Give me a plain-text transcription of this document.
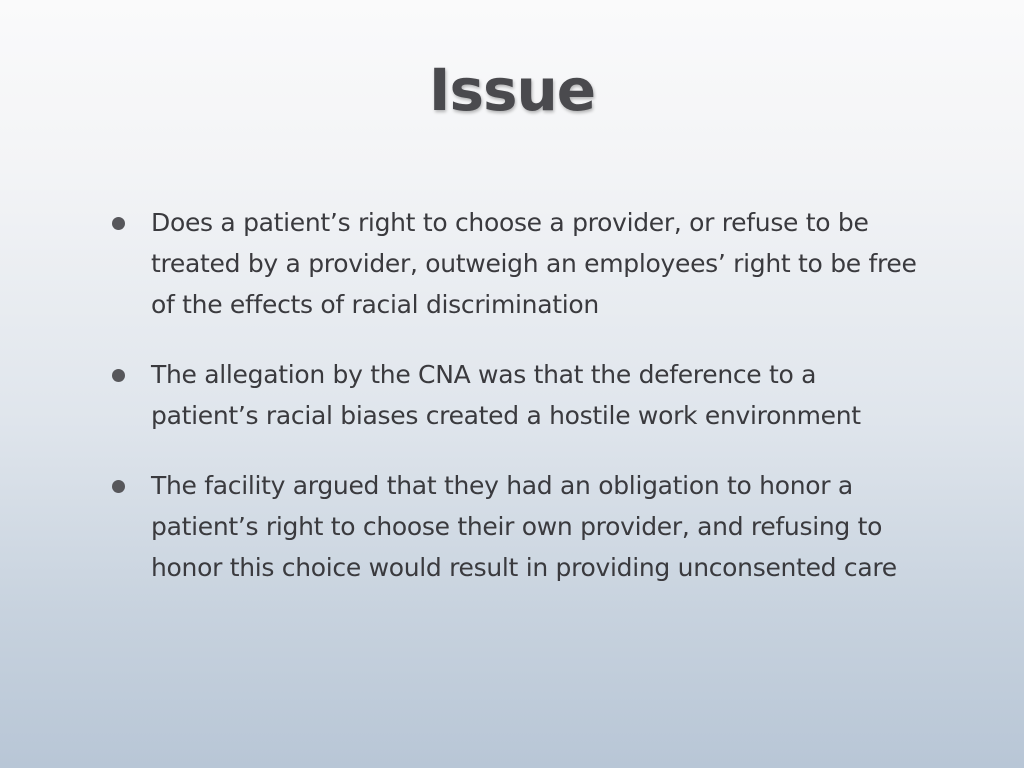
Issue
Does a patient’s right to choose a provider, or refuse to be treated by a provider, outweigh an employees’ right to be free of the effects of racial discrimination
The allegation by the CNA was that the deference to a patient’s racial biases created a hostile work environment
The facility argued that they had an obligation to honor a patient’s right to choose their own provider, and refusing to honor this choice would result in providing unconsented care
